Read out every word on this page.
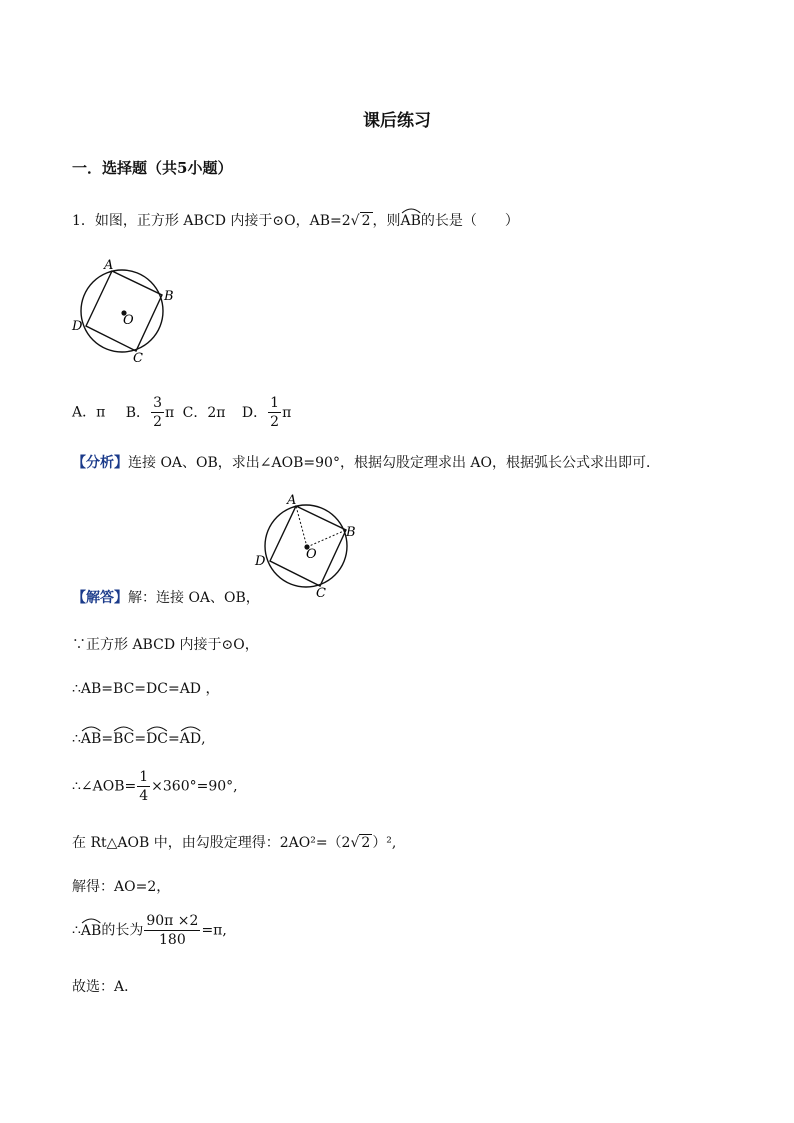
课后练习
一．选择题（共5小题）
1．如图，正方形 ABCD 内接于⊙O，AB=2√ 2 ，则
AB的长是（　　）
A
B
C
D	O
A．π B． $\frac{3}{2}$ π C．2π D． $\frac{1}{2}$ π
【分析】连接 OA、OB，求出∠AOB=90°，根据勾股定理求出 AO，根据弧长公式求出即可．
A
B
C
D	O
【解答】解：连接 OA、OB，
∵正方形 ABCD 内接于⊙O，
∴AB=BC=DC=AD ，
∴
AB=
BC=
DC=
AD,
∴∠AOB= $\frac{1}{4} \times 360^\circ=90^\circ$,
在 Rt△AOB 中，由勾股定理得：2AO²=（2√ 2 ）²,
解得：AO=2，
∴
AB的长为 $\frac{90\pi \times 2}{180} =\pi$,
故选：A．
